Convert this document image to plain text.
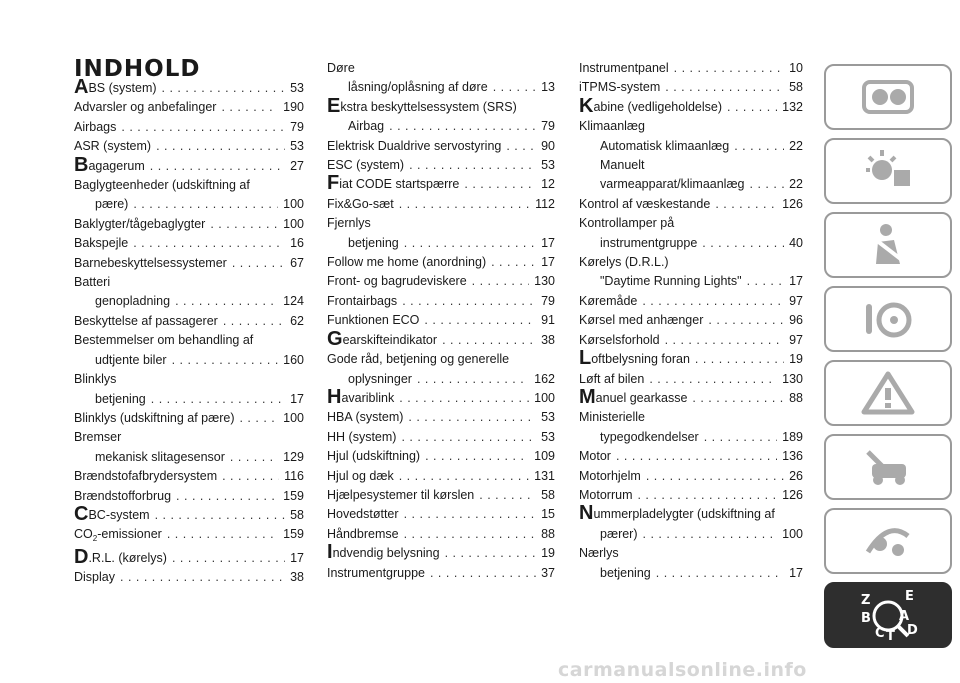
INDHOLD
ABS (system) . . .	53
Advarsler og anbefalinger . . .	190
Airbags . . .	79
ASR (system) . . .	53
Bagagerum . . .	27
Baglygteenheder (udskiftning af
pære) . . .	100
Baklygter/tågebaglygter . . .	100
Bakspejle . . .	16
Barnebeskyttelsessystemer . . .	67
Batteri
genopladning . . .	124
Beskyttelse af passagerer . . .	62
Bestemmelser om behandling af
udtjente biler . . .	160
Blinklys
betjening . . .	17
Blinklys (udskiftning af pære) . . .	100
Bremser
mekanisk slitagesensor . . .	129
Brændstofafbrydersystem . . .	116
Brændstofforbrug . . .	159
CBC-system . . .	58
$CO_2$-emissioner . . .	159
D.R.L. (kørelys) . . .	17
Display . . .	38
Døre
låsning/oplåsning af døre . . .	13
Ekstra beskyttelsessystem (SRS)
Airbag . . .	79
Elektrisk Dualdrive servostyring . . .	90
ESC (system) . . .	53
Fiat CODE startspærre . . .	12
Fix&Go-sæt . . .	112
Fjernlys
betjening . . .	17
Follow me home (anordning) . . .	17
Front- og bagrudeviskere . . .	130
Frontairbags . . .	79
Funktionen ECO . . .	91
Gearskifteindikator . . .	38
Gode råd, betjening og generelle
oplysninger . . .	162
Havariblink . . .	100
HBA (system) . . .	53
HH (system) . . .	53
Hjul (udskiftning) . . .	109
Hjul og dæk . . .	131
Hjælpesystemer til kørslen . . .	58
Hovedstøtter . . .	15
Håndbremse . . .	88
Indvendig belysning . . .	19
Instrumentgruppe . . .	37
Instrumentpanel . . .	10
iTPMS-system . . .	58
Kabine (vedligeholdelse) . . .	132
Klimaanlæg
Automatisk klimaanlæg . . .	22
Manuelt
varmeapparat/klimaanlæg . . .	22
Kontrol af væskestande . . .	126
Kontrollamper på
instrumentgruppe . . .	40
Kørelys (D.R.L.)
"Daytime Running Lights" . . .	17
Køremåde . . .	97
Kørsel med anhænger . . .	96
Kørselsforhold . . .	97
Loftbelysning foran . . .	19
Løft af bilen . . .	130
Manuel gearkasse . . .	88
Ministerielle
typegodkendelser . . .	189
Motor . . .	136
Motorhjelm . . .	26
Motorrum . . .	126
Nummerpladelygter (udskiftning af
pærer) . . .	100
Nærlys
betjening . . .	17
Z	E
B A
C D
T
carmanualsonline.info
